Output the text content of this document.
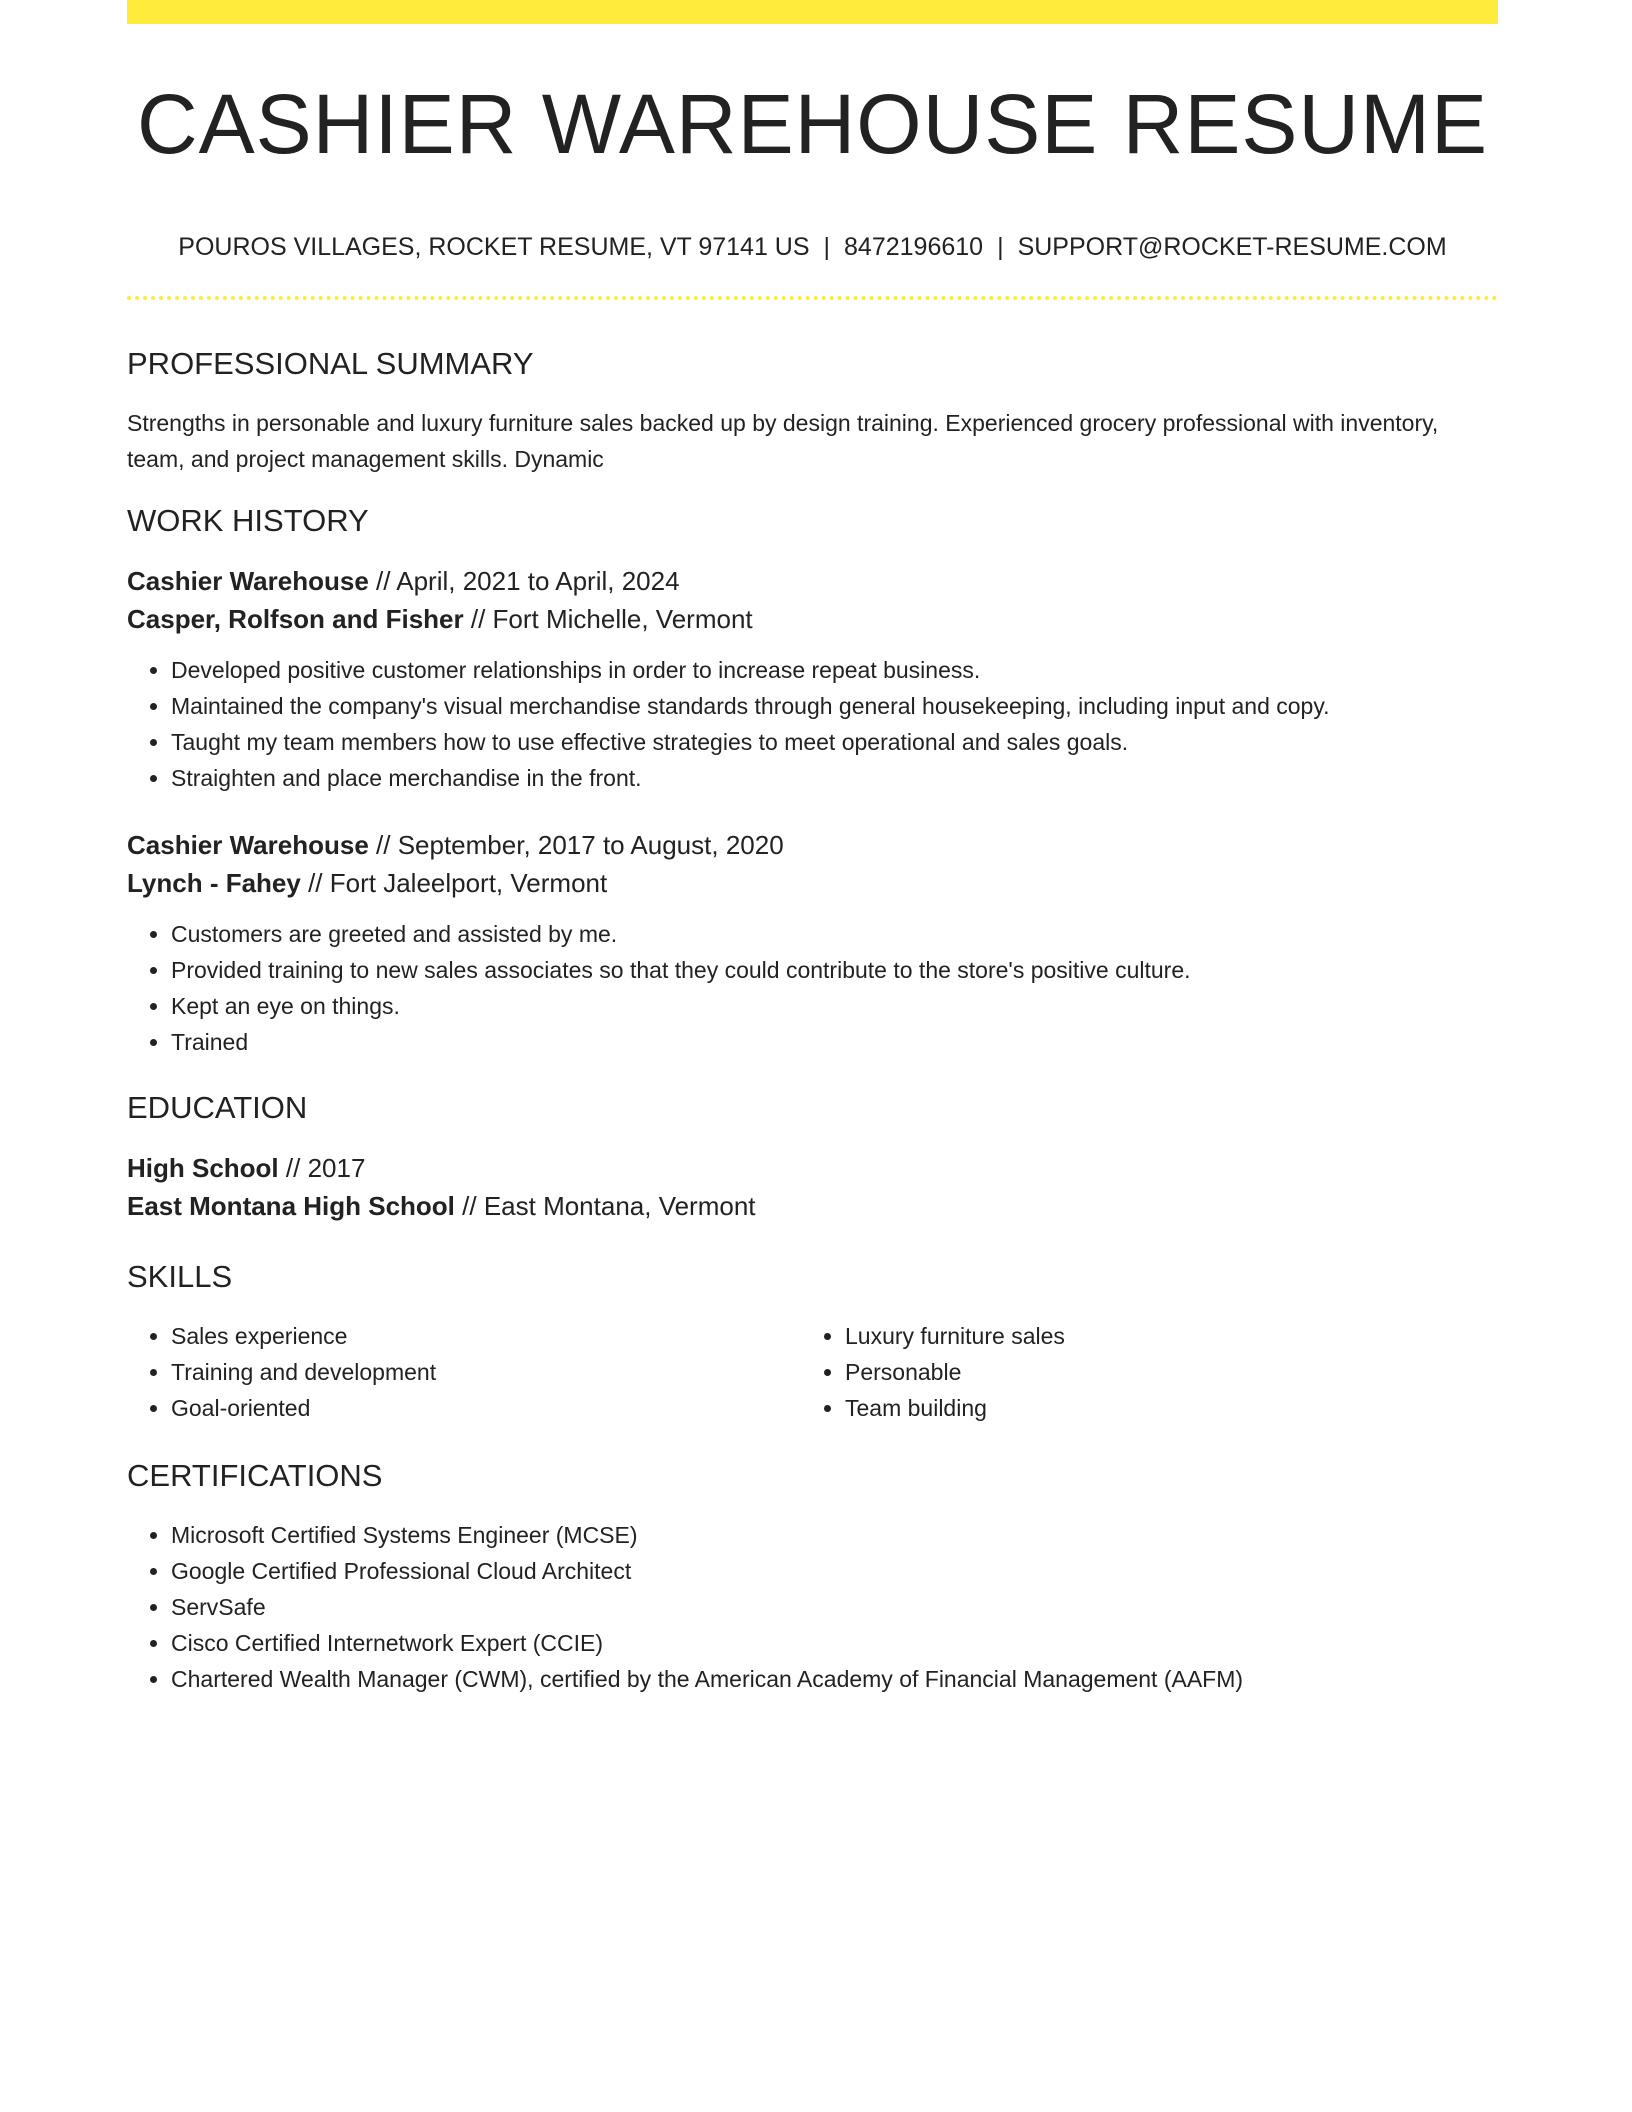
CASHIER WAREHOUSE RESUME
POUROS VILLAGES, ROCKET RESUME, VT 97141 US | 8472196610 | SUPPORT@ROCKET-RESUME.COM
PROFESSIONAL SUMMARY

Strengths in personable and luxury furniture sales backed up by design training. Experienced grocery professional with inventory, team, and project management skills. Dynamic

WORK HISTORY

Cashier Warehouse // April, 2021 to April, 2024

Casper, Rolfson and Fisher // Fort Michelle, Vermont

• Developed positive customer relationships in order to increase repeat business.
• Maintained the company's visual merchandise standards through general housekeeping, including input and copy.
• Taught my team members how to use effective strategies to meet operational and sales goals.
• Straighten and place merchandise in the front.

Cashier Warehouse // September, 2017 to August, 2020

Lynch - Fahey // Fort Jaleelport, Vermont

• Customers are greeted and assisted by me.
• Provided training to new sales associates so that they could contribute to the store's positive culture.
• Kept an eye on things.
• Trained
EDUCATION

High School // 2017

East Montana High School // East Montana, Vermont

SKILLS
• Sales experience
• Training and development
• Goal-oriented
• Luxury furniture sales
• Personable
• Team building
CERTIFICATIONS
• Microsoft Certified Systems Engineer (MCSE)
• Google Certified Professional Cloud Architect
• ServSafe
• Cisco Certified Internetwork Expert (CCIE)
• Chartered Wealth Manager (CWM), certified by the American Academy of Financial Management (AAFM)
